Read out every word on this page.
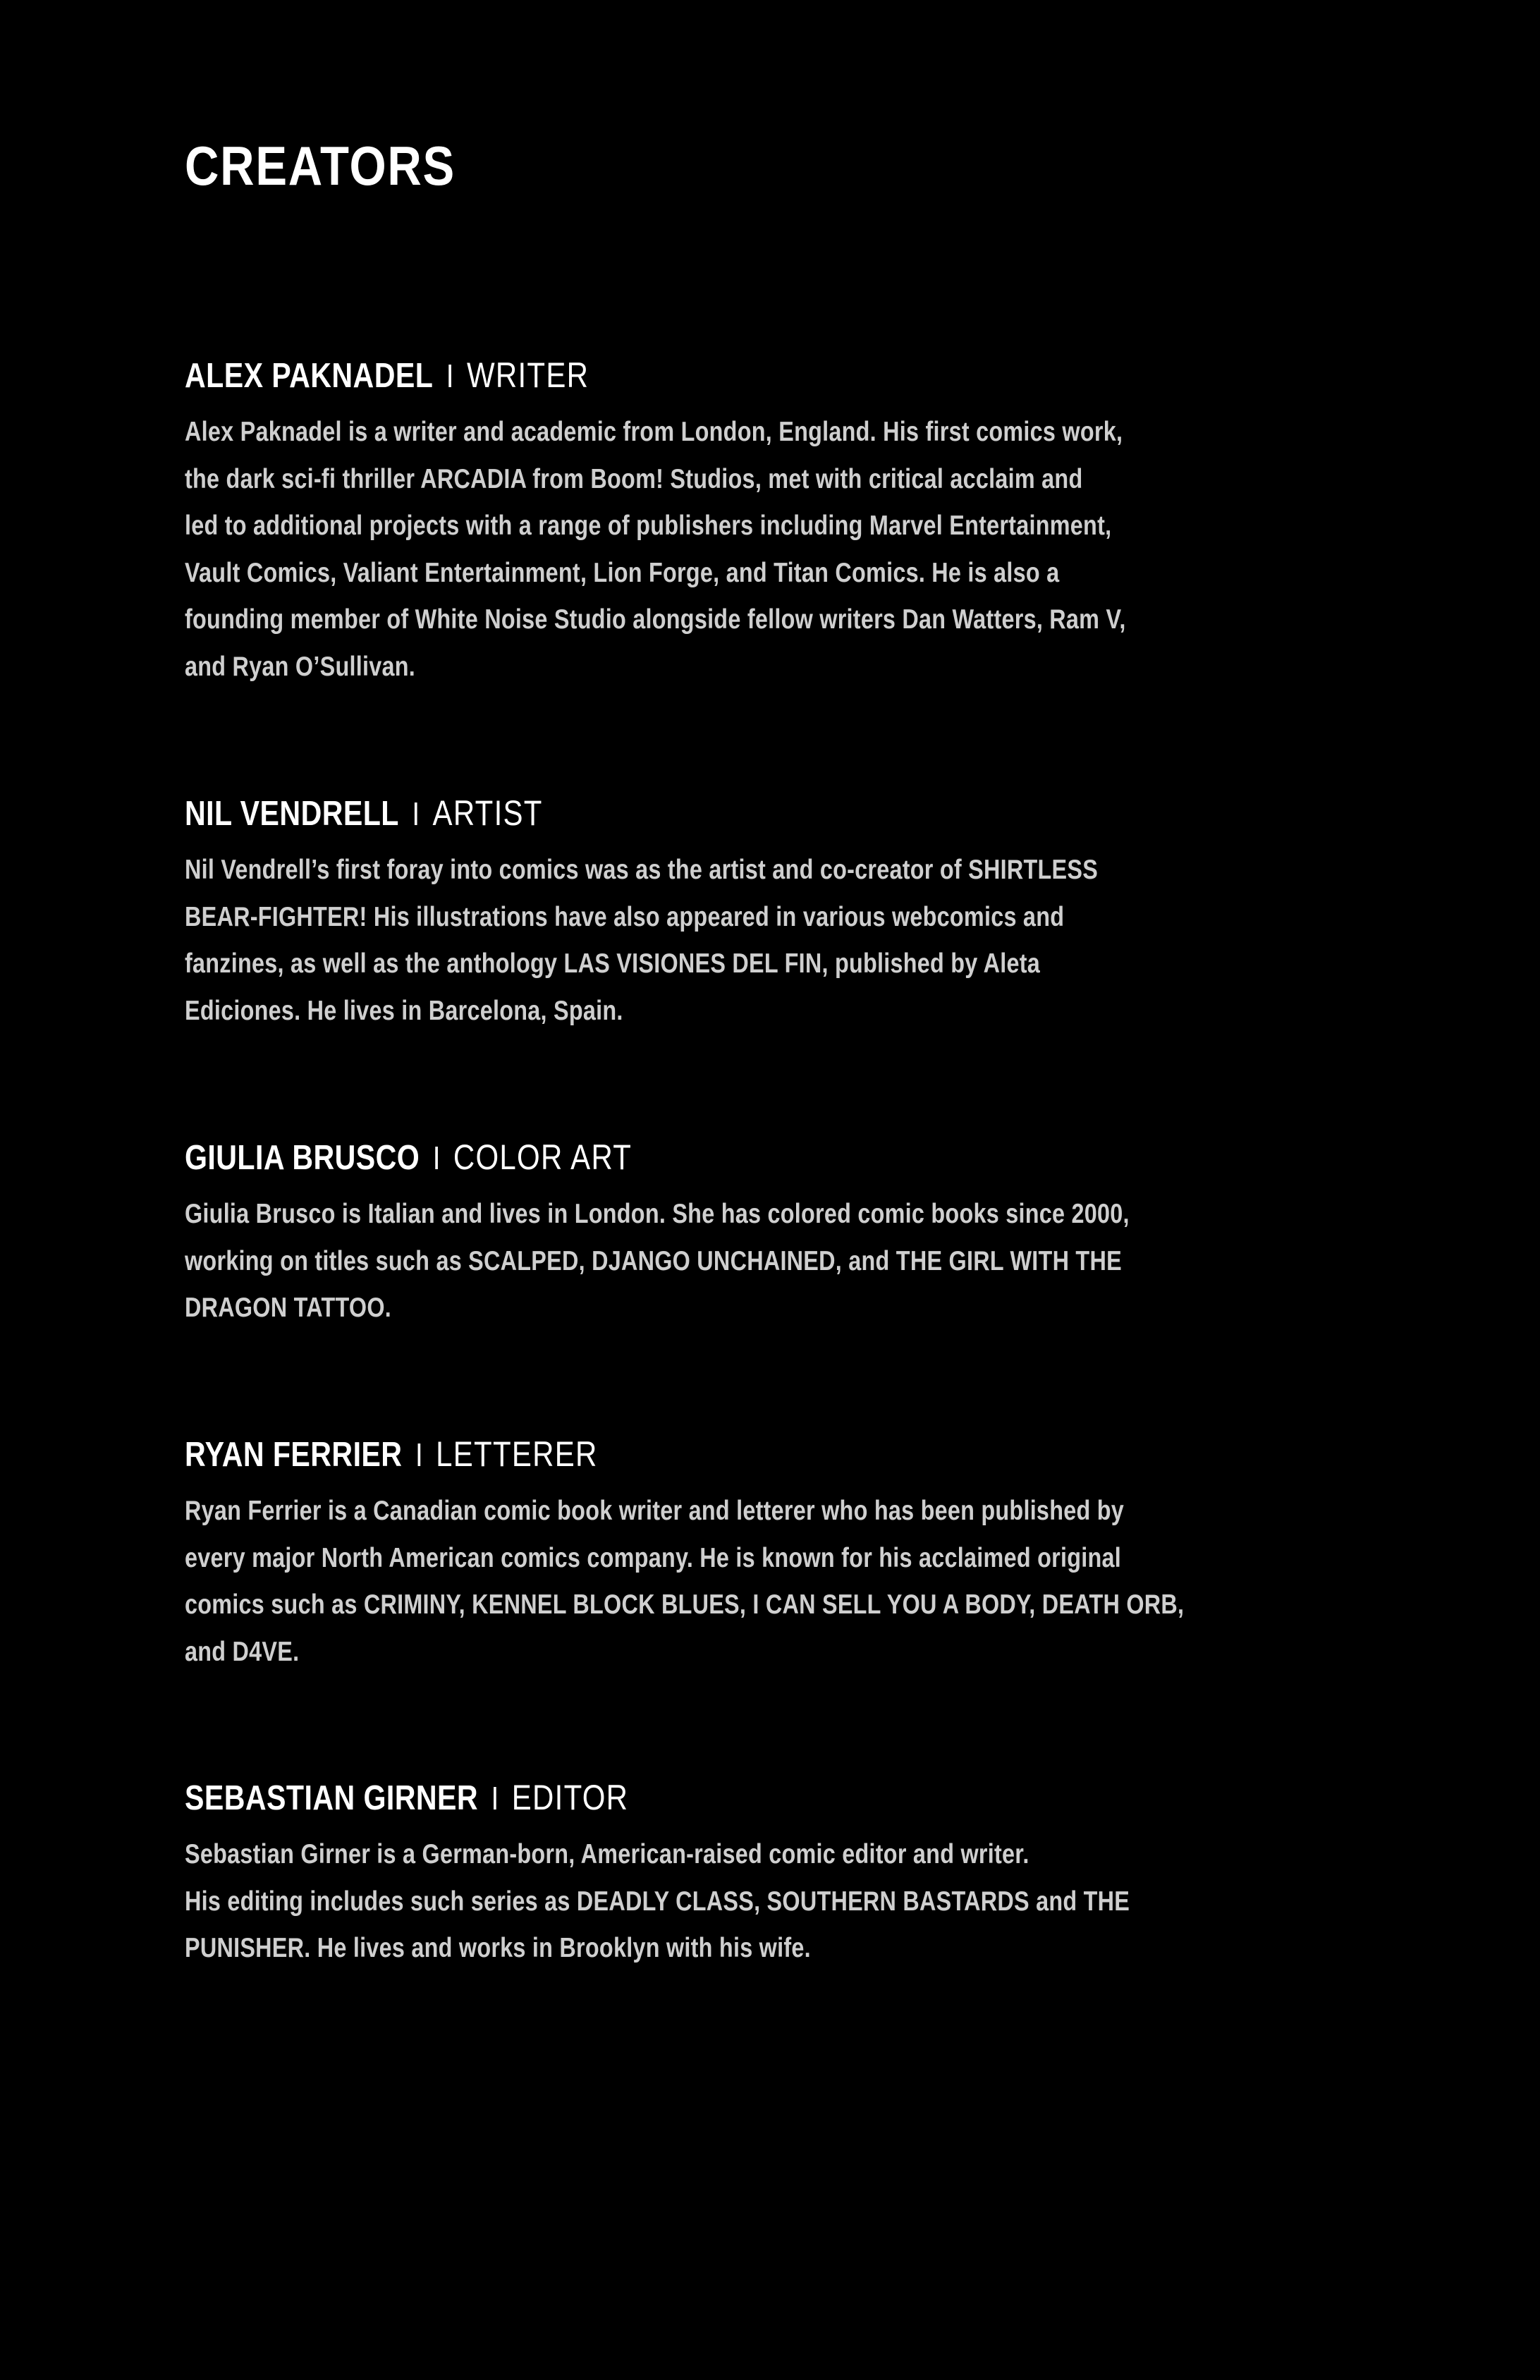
CREATORS
ALEX PAKNADEL I WRITER

Alex Paknadel is a writer and academic from London, England. His first comics work,
the dark sci-fi thriller ARCADIA from Boom! Studios, met with critical acclaim and
led to additional projects with a range of publishers including Marvel Entertainment,
Vault Comics, Valiant Entertainment, Lion Forge, and Titan Comics. He is also a
founding member of White Noise Studio alongside fellow writers Dan Watters, Ram V,
and Ryan O’Sullivan.

NIL VENDRELL I ARTIST

Nil Vendrell’s first foray into comics was as the artist and co-creator of SHIRTLESS
BEAR-FIGHTER! His illustrations have also appeared in various webcomics and
fanzines, as well as the anthology LAS VISIONES DEL FIN, published by Aleta
Ediciones. He lives in Barcelona, Spain.

GIULIA BRUSCO I COLOR ART

Giulia Brusco is Italian and lives in London. She has colored comic books since 2000,
working on titles such as SCALPED, DJANGO UNCHAINED, and THE GIRL WITH THE
DRAGON TATTOO.

RYAN FERRIER I LETTERER

Ryan Ferrier is a Canadian comic book writer and letterer who has been published by
every major North American comics company. He is known for his acclaimed original
comics such as CRIMINY, KENNEL BLOCK BLUES, I CAN SELL YOU A BODY, DEATH ORB,
and D4VE.

SEBASTIAN GIRNER I EDITOR

Sebastian Girner is a German-born, American-raised comic editor and writer.
His editing includes such series as DEADLY CLASS, SOUTHERN BASTARDS and THE
PUNISHER. He lives and works in Brooklyn with his wife.
